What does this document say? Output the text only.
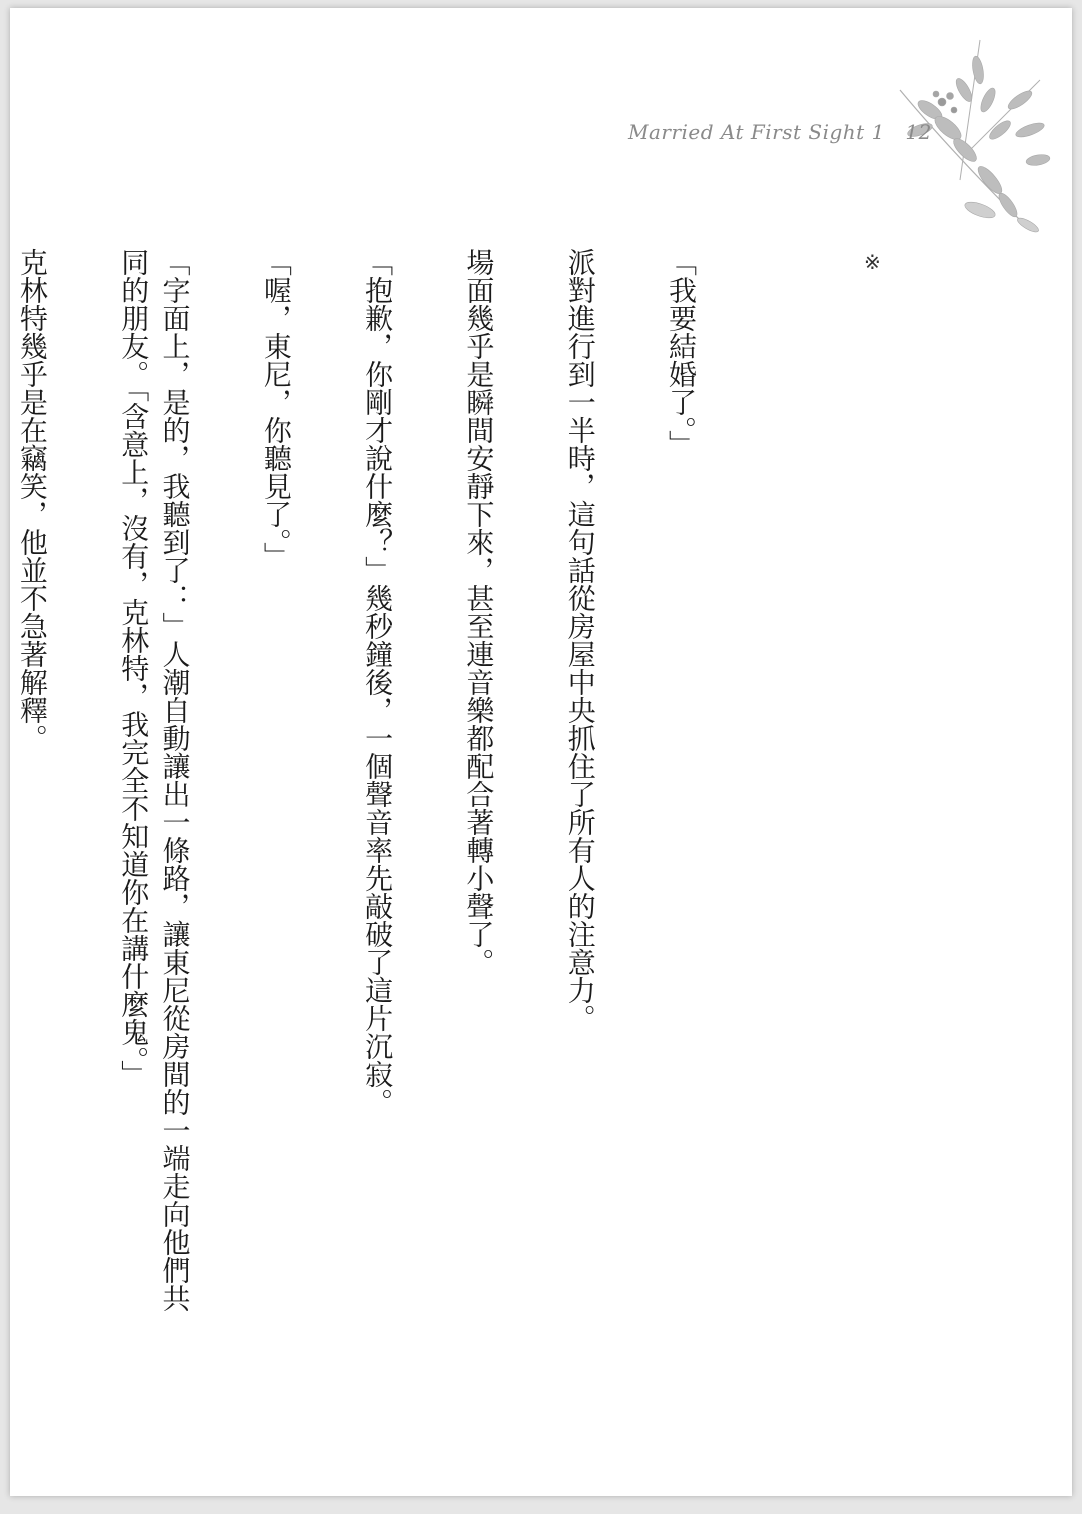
Married At First Sight 1 12
※

「我要結婚了。」

派對進行到一半時，這句話從房屋中央抓住了所有人的注意力。

場面幾乎是瞬間安靜下來，甚至連音樂都配合著轉小聲了。

「抱歉，你剛才說什麼？」幾秒鐘後，一個聲音率先敲破了這片沉寂。

「喔，東尼，你聽見了。」

「字面上，是的，我聽到了：」人潮自動讓出一條路，讓東尼從房間的一端走向他們共

同的朋友。「含意上，沒有，克林特，我完全不知道你在講什麼鬼。」

克林特幾乎是在竊笑，他並不急著解釋。
